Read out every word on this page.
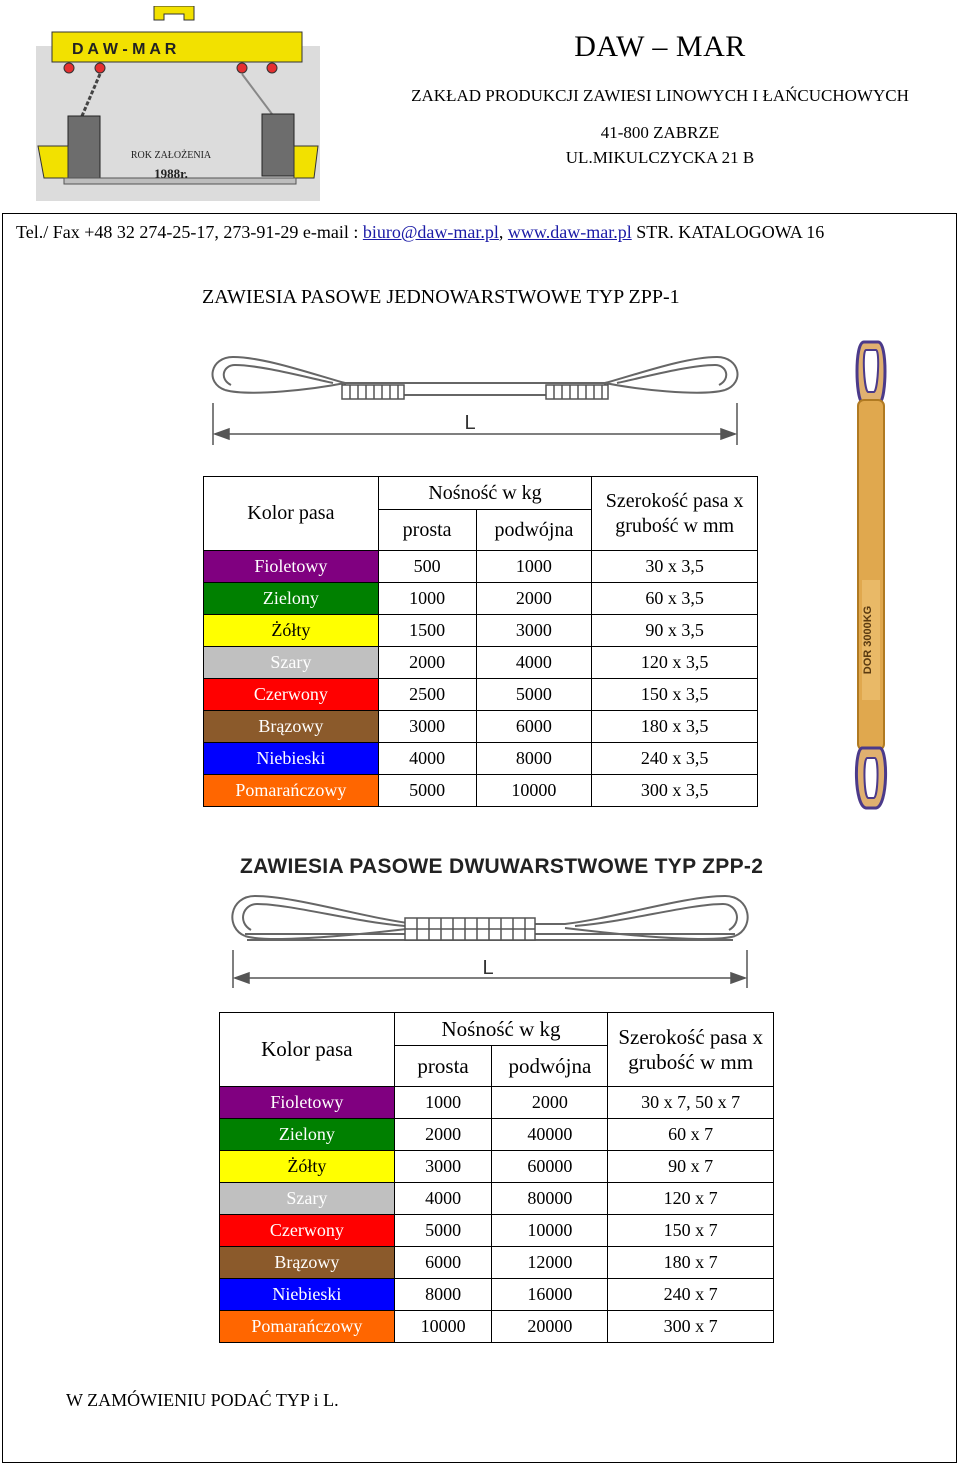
D A W - M A R
ROK ZAŁOŻENIA
1988r.
DAW – MAR
ZAKŁAD PRODUKCJI ZAWIESI LINOWYCH I ŁAŃCUCHOWYCH
41-800 ZABRZE
UL.MIKULCZYCKA 21 B
Tel./ Fax +48 32 274-25-17, 273-91-29 e-mail : biuro@daw-mar.pl, www.daw-mar.pl STR. KATALOGOWA 16
ZAWIESIA PASOWE JEDNOWARSTWOWE TYP ZPP-1
L
DOR 3000KG
Kolor pasa	Nośność w kg		Szerokość pasa x grubość w mm
	prosta	podwójna	
Fioletowy	500	1000	30 x 3,5
Zielony	1000	2000	60 x 3,5
Żółty	1500	3000	90 x 3,5
Szary	2000	4000	120 x 3,5
Czerwony	2500	5000	150 x 3,5
Brązowy	3000	6000	180 x 3,5
Niebieski	4000	8000	240 x 3,5
Pomarańczowy	5000	10000	300 x 3,5
ZAWIESIA PASOWE DWUWARSTWOWE TYP ZPP-2
L
Kolor pasa	Nośność w kg		Szerokość pasa x grubość w mm
	prosta	podwójna	
Fioletowy	1000	2000	30 x 7, 50 x 7
Zielony	2000	40000	60 x 7
Żółty	3000	60000	90 x 7
Szary	4000	80000	120 x 7
Czerwony	5000	10000	150 x 7
Brązowy	6000	12000	180 x 7
Niebieski	8000	16000	240 x 7
Pomarańczowy	10000	20000	300 x 7
W ZAMÓWIENIU PODAĆ TYP i L.
